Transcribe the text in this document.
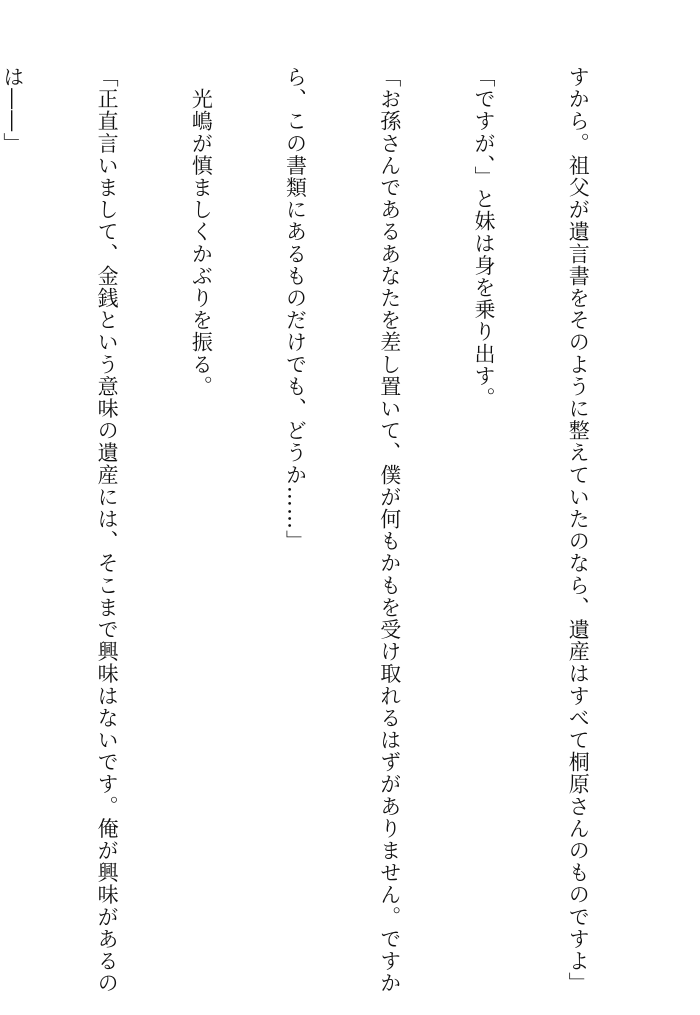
すから。祖父が遺言書をそのように整えていたのなら、遺産はすべて桐原さんのものですよ」

「ですが、」と妹は身を乗り出す。

「お孫さんであるあなたを差し置いて、僕が何もかもを受け取れるはずがありません。ですか

ら、この書類にあるものだけでも、どうか……」

　光嶋が慎ましくかぶりを振る。

「正直言いまして、金銭という意味の遺産には、そこまで興味はないです。俺が興味があるの

は――」
